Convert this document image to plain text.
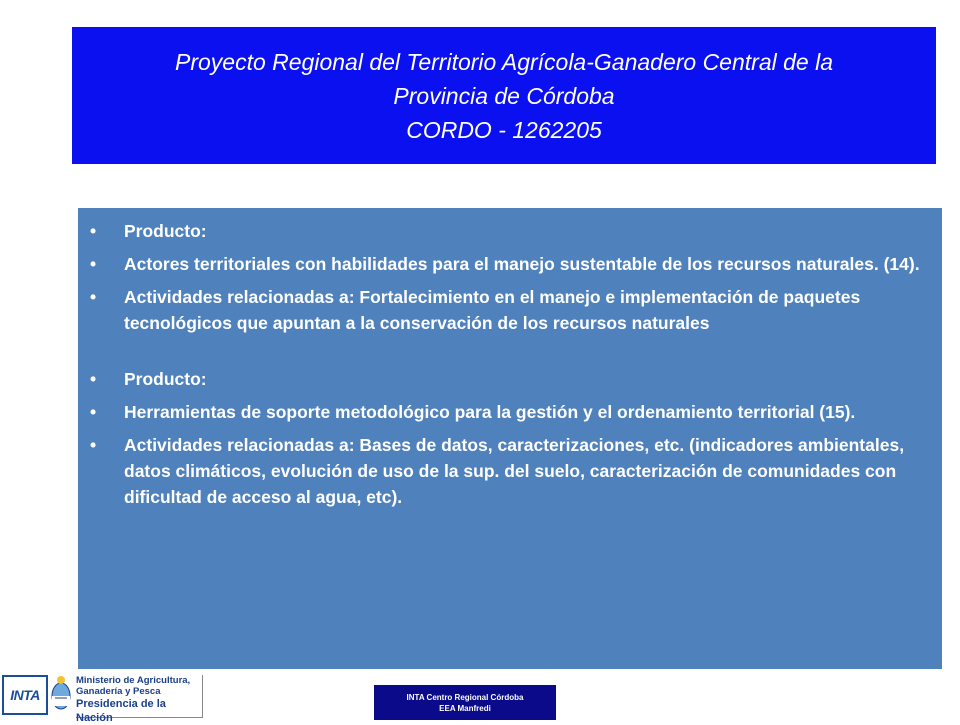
Proyecto Regional del Territorio Agrícola-Ganadero Central de la
Provincia de Córdoba
CORDO - 1262205
• Producto:
• Actores territoriales con habilidades para el manejo sustentable de los recursos naturales. (14).
• Actividades relacionadas a: Fortalecimiento en el manejo e implementación de paquetes tecnológicos que apuntan a la conservación de los recursos naturales
• Producto:
• Herramientas de soporte metodológico para la gestión y el ordenamiento territorial (15).
• Actividades relacionadas a: Bases de datos, caracterizaciones, etc. (indicadores ambientales, datos climáticos, evolución de uso de la sup. del suelo, caracterización de comunidades con dificultad de acceso al agua, etc).
INTA
Ministerio de Agricultura,
Ganadería y Pesca
Presidencia de la Nación
INTA Centro Regional Córdoba
EEA Manfredi
